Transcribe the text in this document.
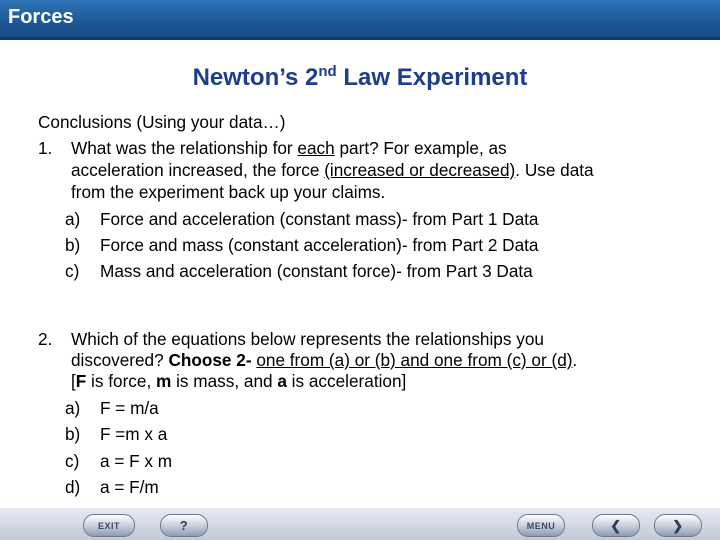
Forces
Newton’s 2nd Law Experiment
Conclusions (Using your data…)
1. What was the relationship for each part? For example, as
acceleration increased, the force (increased or decreased). Use data
from the experiment back up your claims.
a) Force and acceleration (constant mass)- from Part 1 Data
b) Force and mass (constant acceleration)- from Part 2 Data
c) Mass and acceleration (constant force)- from Part 3 Data
2. Which of the equations below represents the relationships you
discovered? Choose 2- one from (a) or (b) and one from (c) or (d).
[F is force, m is mass, and a is acceleration]
a) F = m/a
b) F =m x a
c) a = F x m
d) a = F/m
EXIT	?	MENU	❮	❯
